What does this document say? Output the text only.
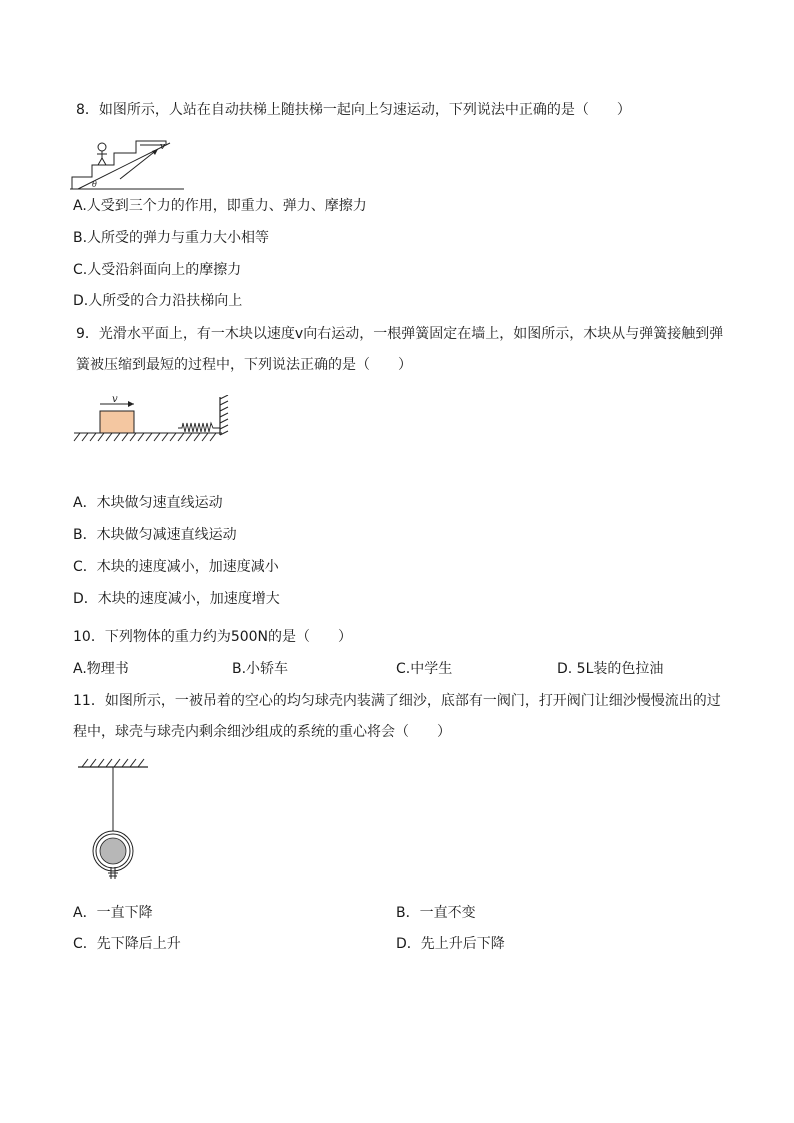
8．如图所示，人站在自动扶梯上随扶梯一起向上匀速运动，下列说法中正确的是（　　）
v
θ
A.人受到三个力的作用，即重力、弹力、摩擦力
B.人所受的弹力与重力大小相等
C.人受沿斜面向上的摩擦力
D.人所受的合力沿扶梯向上
9．光滑水平面上，有一木块以速度v向右运动，一根弹簧固定在墙上，如图所示，木块从与弹簧接触到弹
簧被压缩到最短的过程中，下列说法正确的是（　　）
v
A．木块做匀速直线运动
B．木块做匀减速直线运动
C．木块的速度减小，加速度减小
D．木块的速度减小，加速度增大
10．下列物体的重力约为500N的是（　　）
A.物理书	B.小轿车	C.中学生	D. 5L装的色拉油
11．如图所示，一被吊着的空心的均匀球壳内装满了细沙，底部有一阀门，打开阀门让细沙慢慢流出的过
程中，球壳与球壳内剩余细沙组成的系统的重心将会（　　）
A．一直下降	B．一直不变
C．先下降后上升	D．先上升后下降
